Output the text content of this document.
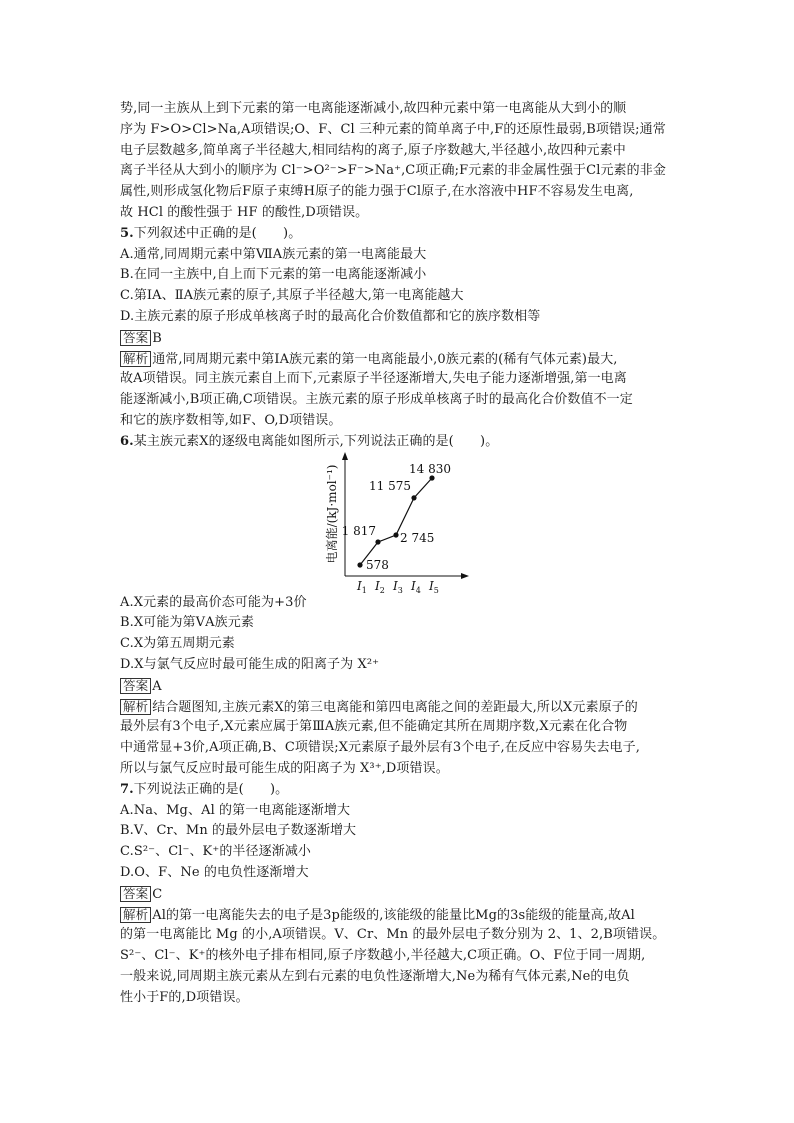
势,同一主族从上到下元素的第一电离能逐渐减小,故四种元素中第一电离能从大到小的顺
序为 F>O>Cl>Na,A项错误;O、F、Cl 三种元素的简单离子中,F的还原性最弱,B项错误;通常
电子层数越多,简单离子半径越大,相同结构的离子,原子序数越大,半径越小,故四种元素中
离子半径从大到小的顺序为 Cl⁻>O²⁻>F⁻>Na⁺,C项正确;F元素的非金属性强于Cl元素的非金
属性,则形成氢化物后F原子束缚H原子的能力强于Cl原子,在水溶液中HF不容易发生电离,
故 HCl 的酸性强于 HF 的酸性,D项错误。
5.下列叙述中正确的是(　　)。
A.通常,同周期元素中第ⅦA族元素的第一电离能最大
B.在同一主族中,自上而下元素的第一电离能逐渐减小
C.第ⅠA、ⅡA族元素的原子,其原子半径越大,第一电离能越大
D.主族元素的原子形成单核离子时的最高化合价数值都和它的族序数相等
答案 B
解析 通常,同周期元素中第ⅠA族元素的第一电离能最小,0族元素的(稀有气体元素)最大,
故A项错误。同主族元素自上而下,元素原子半径逐渐增大,失电子能力逐渐增强,第一电离
能逐渐减小,B项正确,C项错误。主族元素的原子形成单核离子时的最高化合价数值不一定
和它的族序数相等,如F、O,D项错误。
6.某主族元素X的逐级电离能如图所示,下列说法正确的是(　　)。
A.X元素的最高价态可能为+3价
B.X可能为第ⅤA族元素
C.X为第五周期元素
D.X与氯气反应时最可能生成的阳离子为 X²⁺
答案 A
解析 结合题图知,主族元素X的第三电离能和第四电离能之间的差距最大,所以X元素原子的
最外层有3个电子,X元素应属于第ⅢA族元素,但不能确定其所在周期序数,X元素在化合物
中通常显+3价,A项正确,B、C项错误;X元素原子最外层有3个电子,在反应中容易失去电子,
所以与氯气反应时最可能生成的阳离子为 X³⁺,D项错误。
7.下列说法正确的是(　　)。
A.Na、Mg、Al 的第一电离能逐渐增大
B.V、Cr、Mn 的最外层电子数逐渐增大
C.S²⁻、Cl⁻、K⁺的半径逐渐减小
D.O、F、Ne 的电负性逐渐增大
答案 C
解析 Al的第一电离能失去的电子是3p能级的,该能级的能量比Mg的3s能级的能量高,故Al
的第一电离能比 Mg 的小,A项错误。V、Cr、Mn 的最外层电子数分别为 2、1、2,B项错误。
S²⁻、Cl⁻、K⁺的核外电子排布相同,原子序数越小,半径越大,C项正确。O、F位于同一周期,
一般来说,同周期主族元素从左到右元素的电负性逐渐增大,Ne为稀有气体元素,Ne的电负
性小于F的,D项错误。
电离能/(kJ·mol⁻¹)
578
$I_1$
1 817
$I_2$
2 745
$I_3$
11 575
$I_4$
14 830
$I_5$
